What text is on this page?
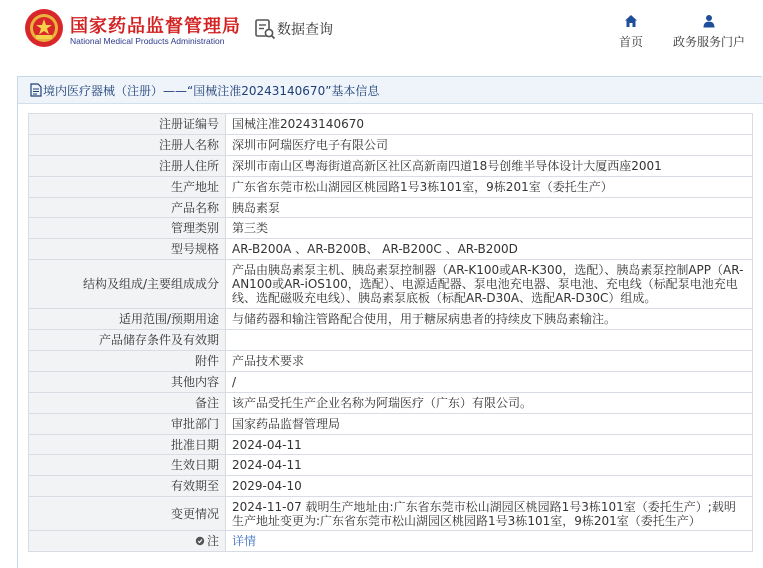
国家药品监督管理局
National Medical Products Administration
数据查询
首页	政务服务门户
境内医疗器械（注册）——“国械注准20243140670”基本信息
注册证编号	国械注准20243140670
注册人名称	深圳市阿瑞医疗电子有限公司
注册人住所	深圳市南山区粤海街道高新区社区高新南四道18号创维半导体设计大厦西座2001
生产地址	广东省东莞市松山湖园区桃园路1号3栋101室，9栋201室（委托生产）
产品名称	胰岛素泵
管理类别	第三类
型号规格	AR-B200A 、AR-B200B、 AR-B200C 、AR-B200D
结构及组成/主要组成成分	产品由胰岛素泵主机、胰岛素泵控制器（AR-K100或AR-K300，选配）、胰岛素泵控制APP（AR-AN100或AR-iOS100，选配）、电源适配器、泵电池充电器、泵电池、充电线（标配泵电池充电线、选配磁吸充电线）、胰岛素泵底板（标配AR-D30A、选配AR-D30C）组成。
适用范围/预期用途	与储药器和输注管路配合使用，用于糖尿病患者的持续皮下胰岛素输注。
产品储存条件及有效期	
附件	产品技术要求
其他内容	/
备注	该产品受托生产企业名称为阿瑞医疗（广东）有限公司。
审批部门	国家药品监督管理局
批准日期	2024-04-11
生效日期	2024-04-11
有效期至	2029-04-10
变更情况	2024-11-07 载明生产地址由:广东省东莞市松山湖园区桃园路1号3栋101室（委托生产）;载明生产地址变更为:广东省东莞市松山湖园区桃园路1号3栋101室，9栋201室（委托生产）
注	详情
